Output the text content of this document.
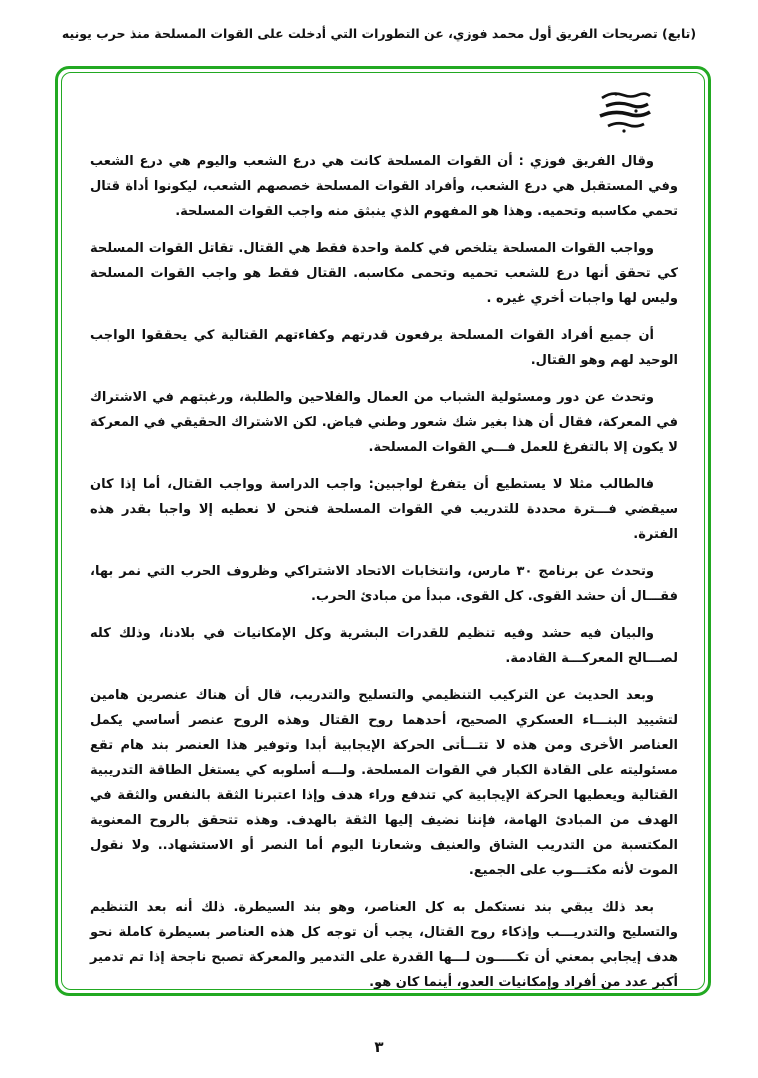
(تابع) تصريحات الفريق أول محمد فوزي، عن التطورات التي أدخلت على القوات المسلحة منذ حرب يونيه

وقال الفريق فوزي : أن القوات المسلحة كانت هي درع الشعب واليوم هي درع الشعب وفي المستقبل هي درع الشعب، وأفراد القوات المسلحة خصصهم الشعب، ليكونوا أداة قتال تحمي مكاسبه وتحميه. وهذا هو المفهوم الذي ينبثق منه واجب القوات المسلحة.

وواجب القوات المسلحة يتلخص في كلمة واحدة فقط هي القتال. تقاتل القوات المسلحة كي تحقق أنها درع للشعب تحميه وتحمى مكاسبه. القتال فقط هو واجب القوات المسلحة وليس لها واجبات أخري غيره .

أن جميع أفراد القوات المسلحة يرفعون قدرتهم وكفاءتهم القتالية كي يحققوا الواجب الوحيد لهم وهو القتال.

وتحدث عن دور ومسئولية الشباب من العمال والفلاحين والطلبة، ورغبتهم في الاشتراك في المعركة، فقال أن هذا بغير شك شعور وطني فياض. لكن الاشتراك الحقيقي في المعركة لا يكون إلا بالتفرغ للعمل فـــي القوات المسلحة.

فالطالب مثلا لا يستطيع أن يتفرغ لواجبين: واجب الدراسة وواجب القتال، أما إذا كان سيقضي فـــترة محددة للتدريب في القوات المسلحة فنحن لا نعطيه إلا واجبا بقدر هذه الفترة.

وتحدث عن برنامج ٣٠ مارس، وانتخابات الاتحاد الاشتراكي وظروف الحرب التي نمر بها، فقـــال أن حشد القوى. كل القوى. مبدأ من مبادئ الحرب.

والبيان فيه حشد وفيه تنظيم للقدرات البشرية وكل الإمكانيات في بلادنا، وذلك كله لصـــالح المعركـــة القادمة.

وبعد الحديث عن التركيب التنظيمي والتسليح والتدريب، قال أن هناك عنصرين هامين لتشييد البنـــاء العسكري الصحيح، أحدهما روح القتال وهذه الروح عنصر أساسي يكمل العناصر الأخرى ومن هذه لا تتـــأتى الحركة الإيجابية أبدا وتوفير هذا العنصر بند هام تقع مسئوليته على القادة الكبار في القوات المسلحة. ولـــه أسلوبه كي يستغل الطاقة التدريبية القتالية ويعطيها الحركة الإيجابية كي تندفع وراء هدف وإذا اعتبرنا الثقة بالنفس والثقة في الهدف من المبادئ الهامة، فإننا نضيف إليها الثقة بالهدف. وهذه تتحقق بالروح المعنوية المكتسبة من التدريب الشاق والعنيف وشعارنا اليوم أما النصر أو الاستشهاد.. ولا نقول الموت لأنه مكتـــوب على الجميع.

بعد ذلك يبقي بند نستكمل به كل العناصر، وهو بند السيطرة. ذلك أنه بعد التنظيم والتسليح والتدريـــب وإذكاء روح القتال، يجب أن توجه كل هذه العناصر بسيطرة كاملة نحو هدف إيجابي بمعني أن تكـــــون لـــها القدرة على التدمير والمعركة تصبح ناجحة إذا تم تدمير أكبر عدد من أفراد وإمكانيات العدو، أينما كان هو.

٣
